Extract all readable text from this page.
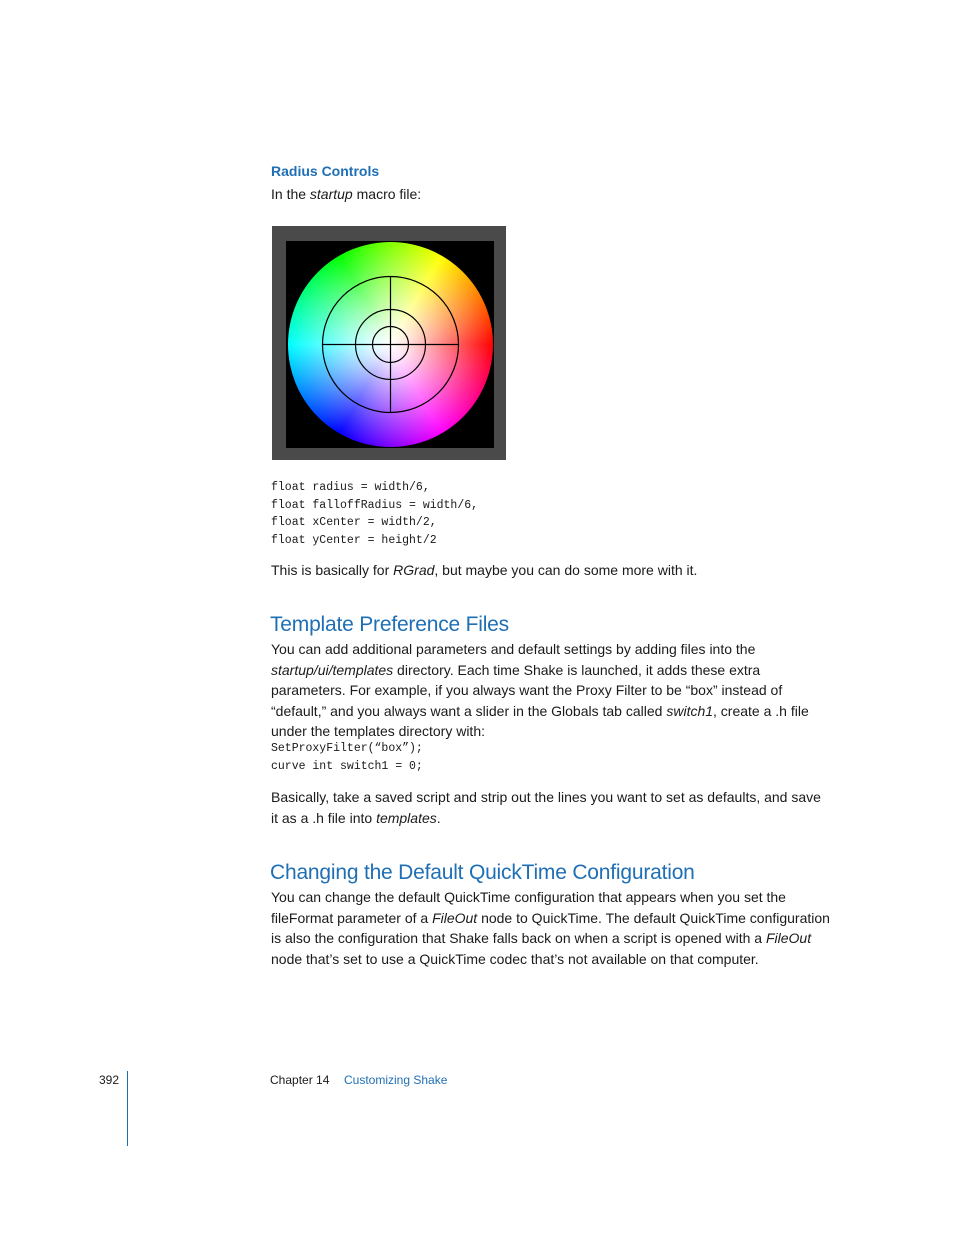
Radius Controls
In the startup macro file:
float radius = width/6,
float falloffRadius = width/6,
float xCenter = width/2,
float yCenter = height/2
This is basically for RGrad, but maybe you can do some more with it.
Template Preference Files
You can add additional parameters and default settings by adding files into the startup/ui/templates directory. Each time Shake is launched, it adds these extra parameters. For example, if you always want the Proxy Filter to be “box” instead of “default,” and you always want a slider in the Globals tab called switch1, create a .h file under the templates directory with:
SetProxyFilter(“box”);
curve int switch1 = 0;
Basically, take a saved script and strip out the lines you want to set as defaults, and save it as a .h file into templates.
Changing the Default QuickTime Configuration
You can change the default QuickTime configuration that appears when you set the fileFormat parameter of a FileOut node to QuickTime. The default QuickTime configuration is also the configuration that Shake falls back on when a script is opened with a FileOut node that’s set to use a QuickTime codec that’s not available on that computer.
392	Chapter 14 Customizing Shake
